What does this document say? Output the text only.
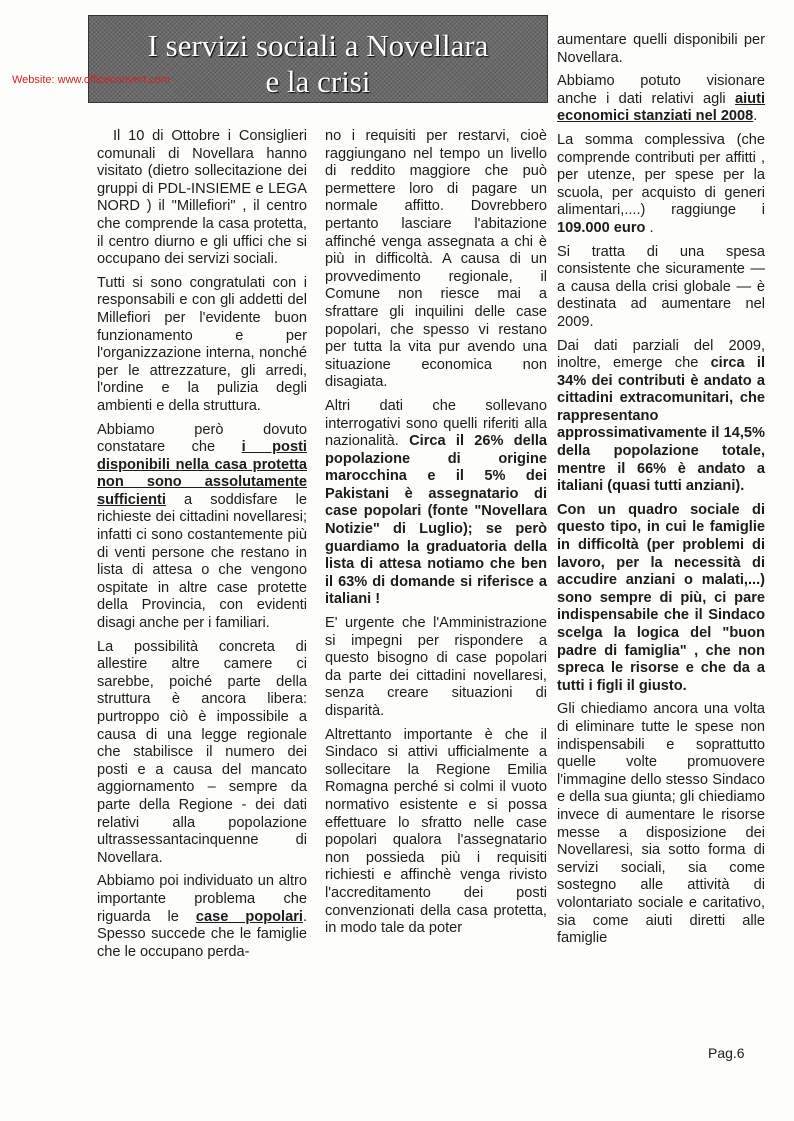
I servizi sociali a Novellara
e la crisi
Website: www.officeconvert.com

Il 10 di Ottobre i Consiglieri comunali di Novellara hanno visitato (dietro sollecitazione dei gruppi di PDL-INSIEME e LEGA NORD ) il "Millefiori" , il centro che comprende la casa protetta, il centro diurno e gli uffici che si occupano dei servizi sociali.

Tutti si sono congratulati con i responsabili e con gli addetti del Millefiori per l'evidente buon funzionamento e per l'organizzazione interna, nonché per le attrezzature, gli arredi, l'ordine e la pulizia degli ambienti e della struttura.

Abbiamo però dovuto constatare che i posti disponibili nella casa protetta non sono assolutamente sufficienti a soddisfare le richieste dei cittadini novellaresi; infatti ci sono costantemente più di venti persone che restano in lista di attesa o che vengono ospitate in altre case protette della Provincia, con evidenti disagi anche per i familiari.

La possibilità concreta di allestire altre camere ci sarebbe, poiché parte della struttura è ancora libera: purtroppo ciò è impossibile a causa di una legge regionale che stabilisce il numero dei posti e a causa del mancato aggiornamento – sempre da parte della Regione - dei dati relativi alla popolazione ultrassessantacinquenne di Novellara.

Abbiamo poi individuato un altro importante problema che riguarda le case popolari. Spesso succede che le famiglie che le occupano perda-

no i requisiti per restarvi, cioè raggiungano nel tempo un livello di reddito maggiore che può permettere loro di pagare un normale affitto. Dovrebbero pertanto lasciare l'abitazione affinché venga assegnata a chi è più in difficoltà. A causa di un provvedimento regionale, il Comune non riesce mai a sfrattare gli inquilini delle case popolari, che spesso vi restano per tutta la vita pur avendo una situazione economica non disagiata.

Altri dati che sollevano interrogativi sono quelli riferiti alla nazionalità. Circa il 26% della popolazione di origine marocchina e il 5% dei Pakistani è assegnatario di case popolari (fonte "Novellara Notizie" di Luglio); se però guardiamo la graduatoria della lista di attesa notiamo che ben il 63% di domande si riferisce a italiani !

E' urgente che l'Amministrazione si impegni per rispondere a questo bisogno di case popolari da parte dei cittadini novellaresi, senza creare situazioni di disparità.

Altrettanto importante è che il Sindaco si attivi ufficialmente a sollecitare la Regione Emilia Romagna perché si colmi il vuoto normativo esistente e si possa effettuare lo sfratto nelle case popolari qualora l'assegnatario non possieda più i requisiti richiesti e affinchè venga rivisto l'accreditamento dei posti convenzionati della casa protetta, in modo tale da poter

aumentare quelli disponibili per Novellara.

Abbiamo potuto visionare anche i dati relativi agli aiuti economici stanziati nel 2008.

La somma complessiva (che comprende contributi per affitti , per utenze, per spese per la scuola, per acquisto di generi alimentari,....) raggiunge i 109.000 euro .

Si tratta di una spesa consistente che sicuramente — a causa della crisi globale — è destinata ad aumentare nel 2009.

Dai dati parziali del 2009, inoltre, emerge che circa il 34% dei contributi è andato a cittadini extracomunitari, che rappresentano approssimativamente il 14,5% della popolazione totale, mentre il 66% è andato a italiani (quasi tutti anziani).

Con un quadro sociale di questo tipo, in cui le famiglie in difficoltà (per problemi di lavoro, per la necessità di accudire anziani o malati,...) sono sempre di più, ci pare indispensabile che il Sindaco scelga la logica del "buon padre di famiglia" , che non spreca le risorse e che da a tutti i figli il giusto.

Gli chiediamo ancora una volta di eliminare tutte le spese non indispensabili e soprattutto quelle volte promuovere l'immagine dello stesso Sindaco e della sua giunta; gli chiediamo invece di aumentare le risorse messe a disposizione dei Novellaresi, sia sotto forma di servizi sociali, sia come sostegno alle attività di volontariato sociale e caritativo, sia come aiuti diretti alle famiglie

Pag.6
